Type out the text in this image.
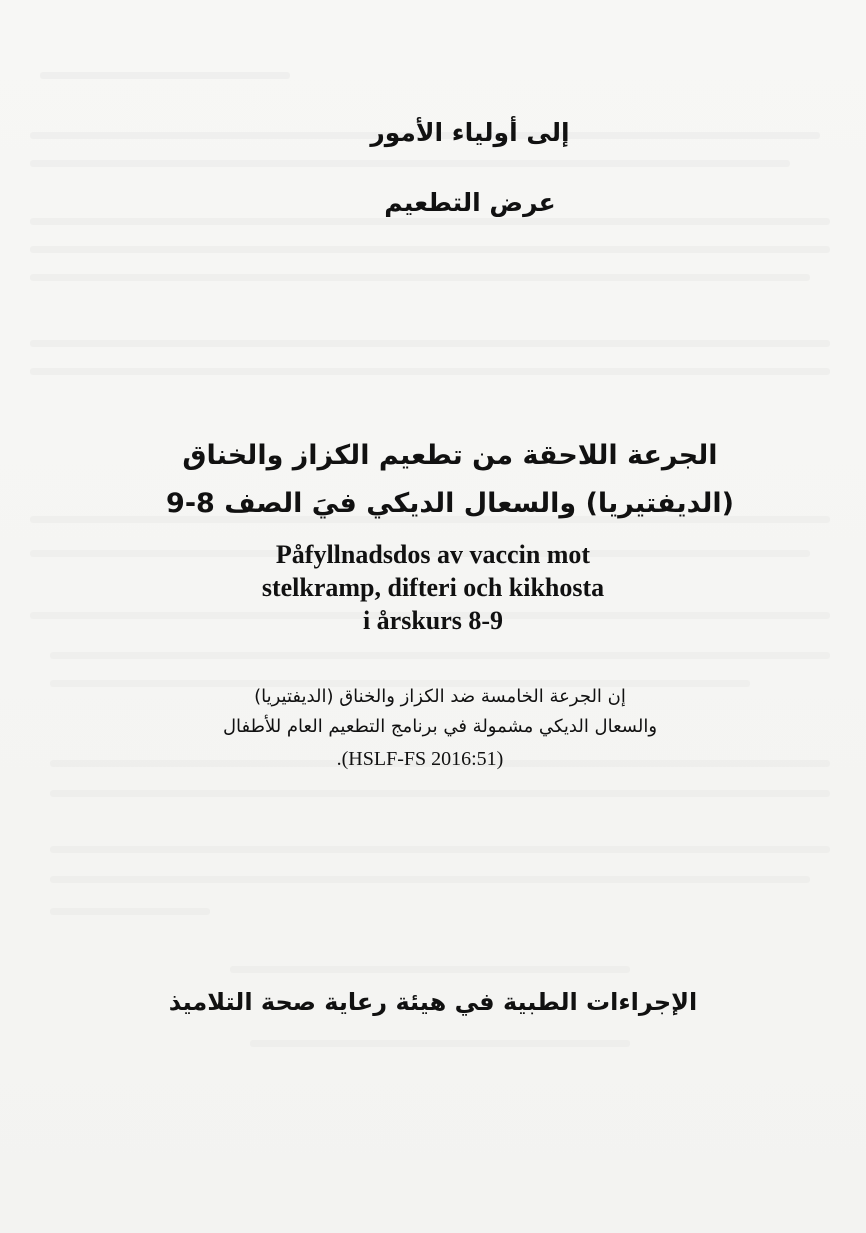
إلى أولياء الأمور
عرض التطعيم
الجرعة اللاحقة من تطعيم الكزاز والخناق
(الديفتيريا) والسعال الديكي فيَ الصف 8-9
Påfyllnadsdos av vaccin mot
stelkramp, difteri och kikhosta
i årskurs 8-9
إن الجرعة الخامسة ضد الكزاز والخناق (الديفتيريا)
والسعال الديكي مشمولة في برنامج التطعيم العام للأطفال
.(HSLF-FS 2016:51)
الإجراءات الطبية في هيئة رعاية صحة التلاميذ
